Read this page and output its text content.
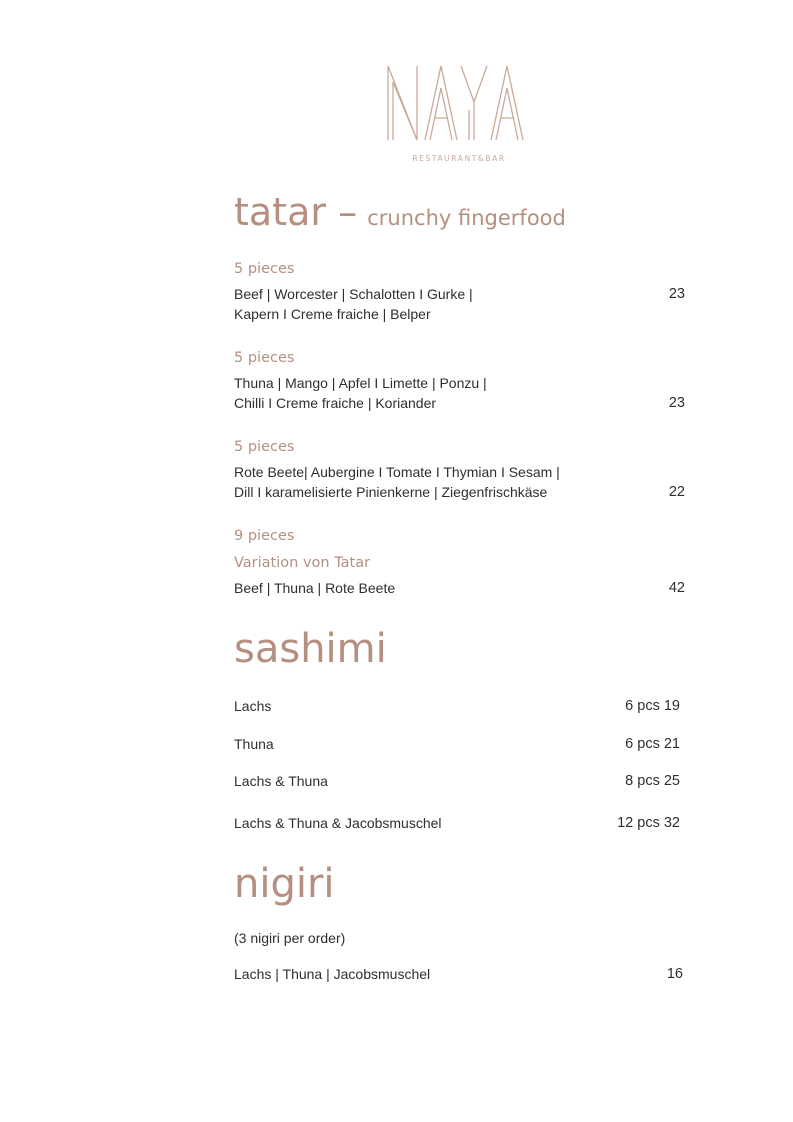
RESTAURANT&BAR
tatar – crunchy fingerfood
5 pieces
Beef | Worcester | Schalotten I Gurke |
Kapern I Creme fraiche | Belper
23
5 pieces
Thuna | Mango | Apfel I Limette | Ponzu |
Chilli I Creme fraiche | Koriander	23
5 pieces
Rote Beete| Aubergine I Tomate I Thymian I Sesam |
Dill I karamelisierte Pinienkerne | Ziegenfrischkäse	22
9 pieces
Variation von Tatar
Beef | Thuna | Rote Beete	42
sashimi
Lachs	6 pcs 19
Thuna	6 pcs 21
Lachs & Thuna	8 pcs 25
Lachs & Thuna & Jacobsmuschel	12 pcs 32
nigiri
(3 nigiri per order)
Lachs | Thuna | Jacobsmuschel	16
